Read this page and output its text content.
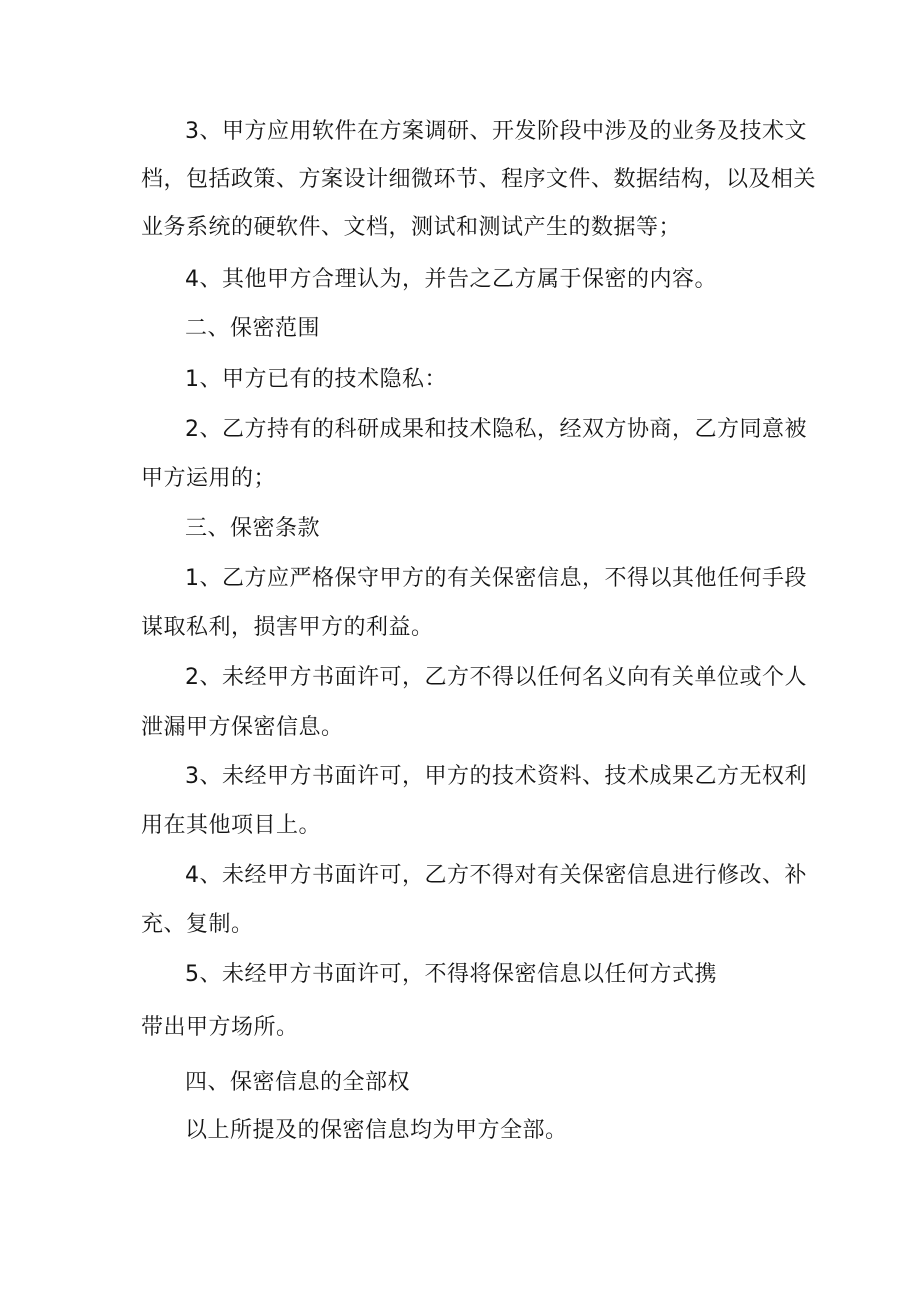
3、甲方应用软件在方案调研、开发阶段中涉及的业务及技术文
档，包括政策、方案设计细微环节、程序文件、数据结构，以及相关
业务系统的硬软件、文档，测试和测试产生的数据等；
4、其他甲方合理认为，并告之乙方属于保密的内容。
二、保密范围
1、甲方已有的技术隐私：
2、乙方持有的科研成果和技术隐私，经双方协商，乙方同意被
甲方运用的；
三、保密条款
1、乙方应严格保守甲方的有关保密信息，不得以其他任何手段
谋取私利，损害甲方的利益。
2、未经甲方书面许可，乙方不得以任何名义向有关单位或个人
泄漏甲方保密信息。
3、未经甲方书面许可，甲方的技术资料、技术成果乙方无权利
用在其他项目上。
4、未经甲方书面许可，乙方不得对有关保密信息进行修改、补
充、复制。
5、未经甲方书面许可，不得将保密信息以任何方式携
带出甲方场所。
四、保密信息的全部权
以上所提及的保密信息均为甲方全部。
